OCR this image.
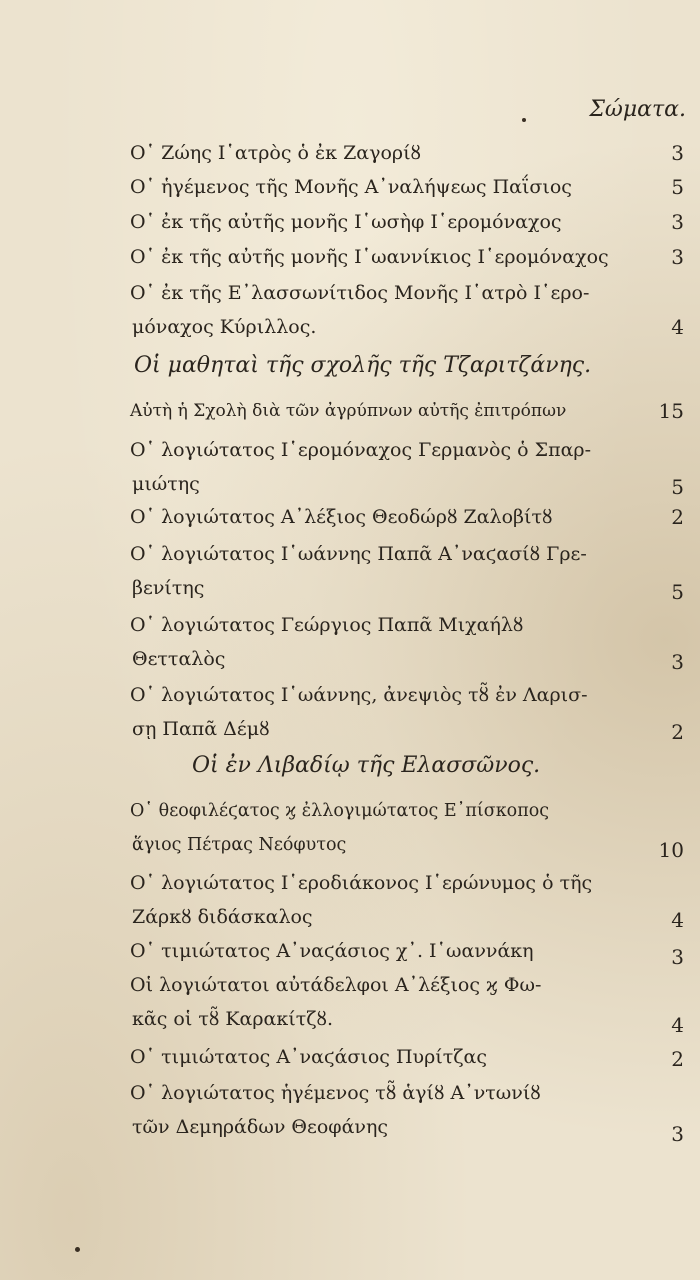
Σώματα.
Ο῾ Ζώης Ι῾ατρὸς ὁ ἐκ Ζαγορίȣ	3
Ο῾ ἡγέμενος τῆς Μονῆς Α᾿ναλήψεως Παΐσιος	5
Ο῾ ἐκ τῆς αὐτῆς μονῆς Ι῾ωσὴφ Ι῾ερομόναχος	3
Ο῾ ἐκ τῆς αὐτῆς μονῆς Ι῾ωαννίκιος Ι῾ερομόναχος	3
Ο῾ ἐκ τῆς Ε᾿λασσωνίτιδος Μονῆς Ι῾ατρὸ Ι῾ερο-
μόναχος Κύριλλος.	4
Οἱ μαθηταὶ τῆς σχολῆς τῆς Τζαριτζάνης.
Αὐτὴ ἡ Σχολὴ διὰ τῶν ἀγρύπνων αὐτῆς ἐπιτρόπων	15
Ο῾ λογιώτατος Ι῾ερομόναχος Γερμανὸς ὁ Σπαρ-
μιώτης	5
Ο῾ λογιώτατος Α᾿λέξιος Θεοδώρȣ Ζαλοβίτȣ	2
Ο῾ λογιώτατος Ι῾ωάννης Παπᾶ Α᾿ναϛασίȣ Γρε-
βενίτης	5
Ο῾ λογιώτατος Γεώργιος Παπᾶ Μιχαήλȣ
Θετταλὸς	3
Ο῾ λογιώτατος Ι῾ωάννης, ἀνεψιὸς τȣ̃ ἐν Λαρισ-
σῃ Παπᾶ Δέμȣ	2
Οἱ ἐν Λιβαδίῳ τῆς Ελασσῶνος.
Ο῾ θεοφιλέϛατος ϗ ἐλλογιμώτατος Ε᾿πίσκοπος
ἅγιος Πέτρας Νεόφυτος	10
Ο῾ λογιώτατος Ι῾εροδιάκονος Ι῾ερώνυμος ὁ τῆς
Ζάρκȣ διδάσκαλος	4
Ο῾ τιμιώτατος Α᾿ναϛάσιος χ᾿. Ι῾ωαννάκη	3
Οἱ λογιώτατοι αὐτάδελφοι Α᾿λέξιος ϗ Φω-
κᾶς οἱ τȣ̃ Καρακίτζȣ.	4
Ο῾ τιμιώτατος Α᾿ναϛάσιος Πυρίτζας	2
Ο῾ λογιώτατος ἡγέμενος τȣ̃ ἁγίȣ Α᾿ντωνίȣ
τῶν Δεμηράδων Θεοφάνης	3
